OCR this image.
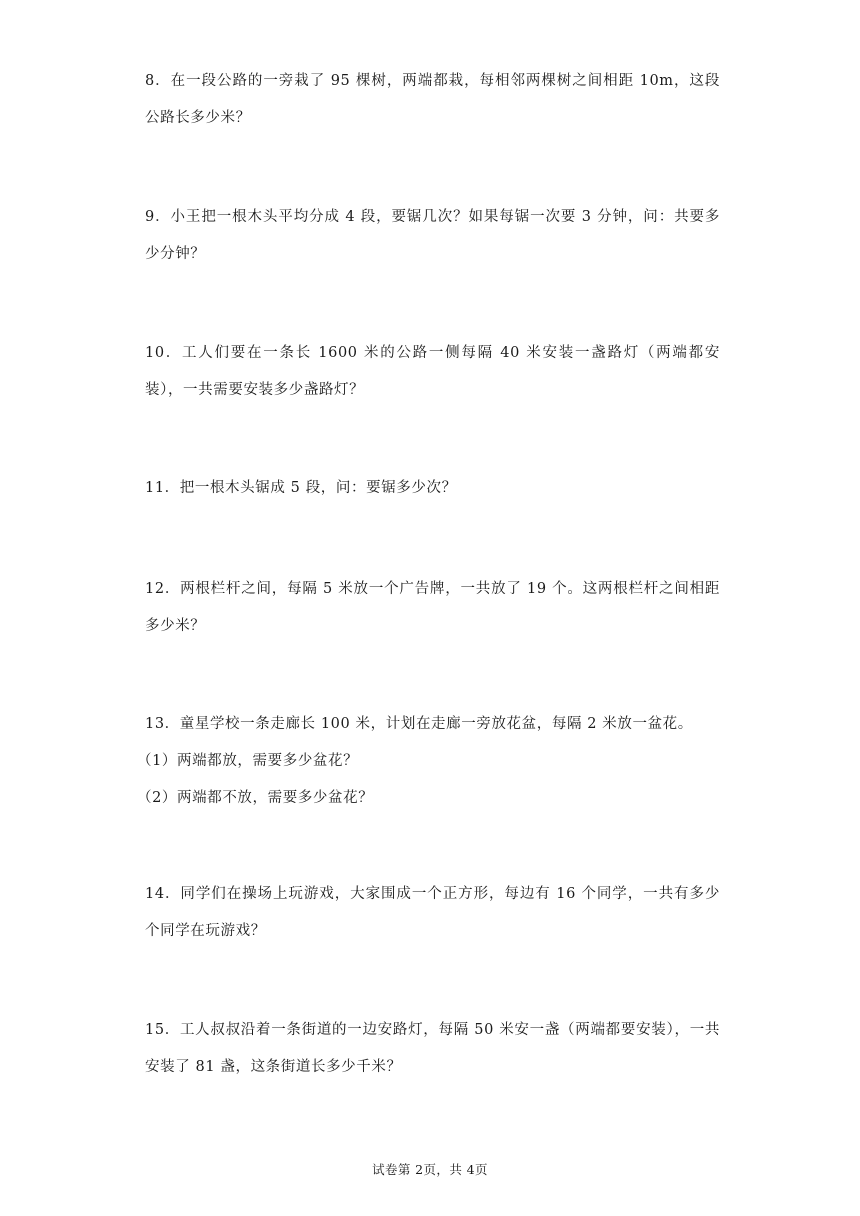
8．在一段公路的一旁栽了 95 棵树，两端都栽，每相邻两棵树之间相距 10m，这段公路长多少米？

9．小王把一根木头平均分成 4 段，要锯几次？如果每锯一次要 3 分钟，问：共要多少分钟？

10．工人们要在一条长 1600 米的公路一侧每隔 40 米安装一盏路灯（两端都安装），一共需要安装多少盏路灯？

11．把一根木头锯成 5 段，问：要锯多少次？

12．两根栏杆之间，每隔 5 米放一个广告牌，一共放了 19 个。这两根栏杆之间相距多少米？

13．童星学校一条走廊长 100 米，计划在走廊一旁放花盆，每隔 2 米放一盆花。

（1）两端都放，需要多少盆花？

（2）两端都不放，需要多少盆花？

14．同学们在操场上玩游戏，大家围成一个正方形，每边有 16 个同学，一共有多少个同学在玩游戏？

15．工人叔叔沿着一条街道的一边安路灯，每隔 50 米安一盏（两端都要安装），一共安装了 81 盏，这条街道长多少千米？

试卷第 2页，共 4页
